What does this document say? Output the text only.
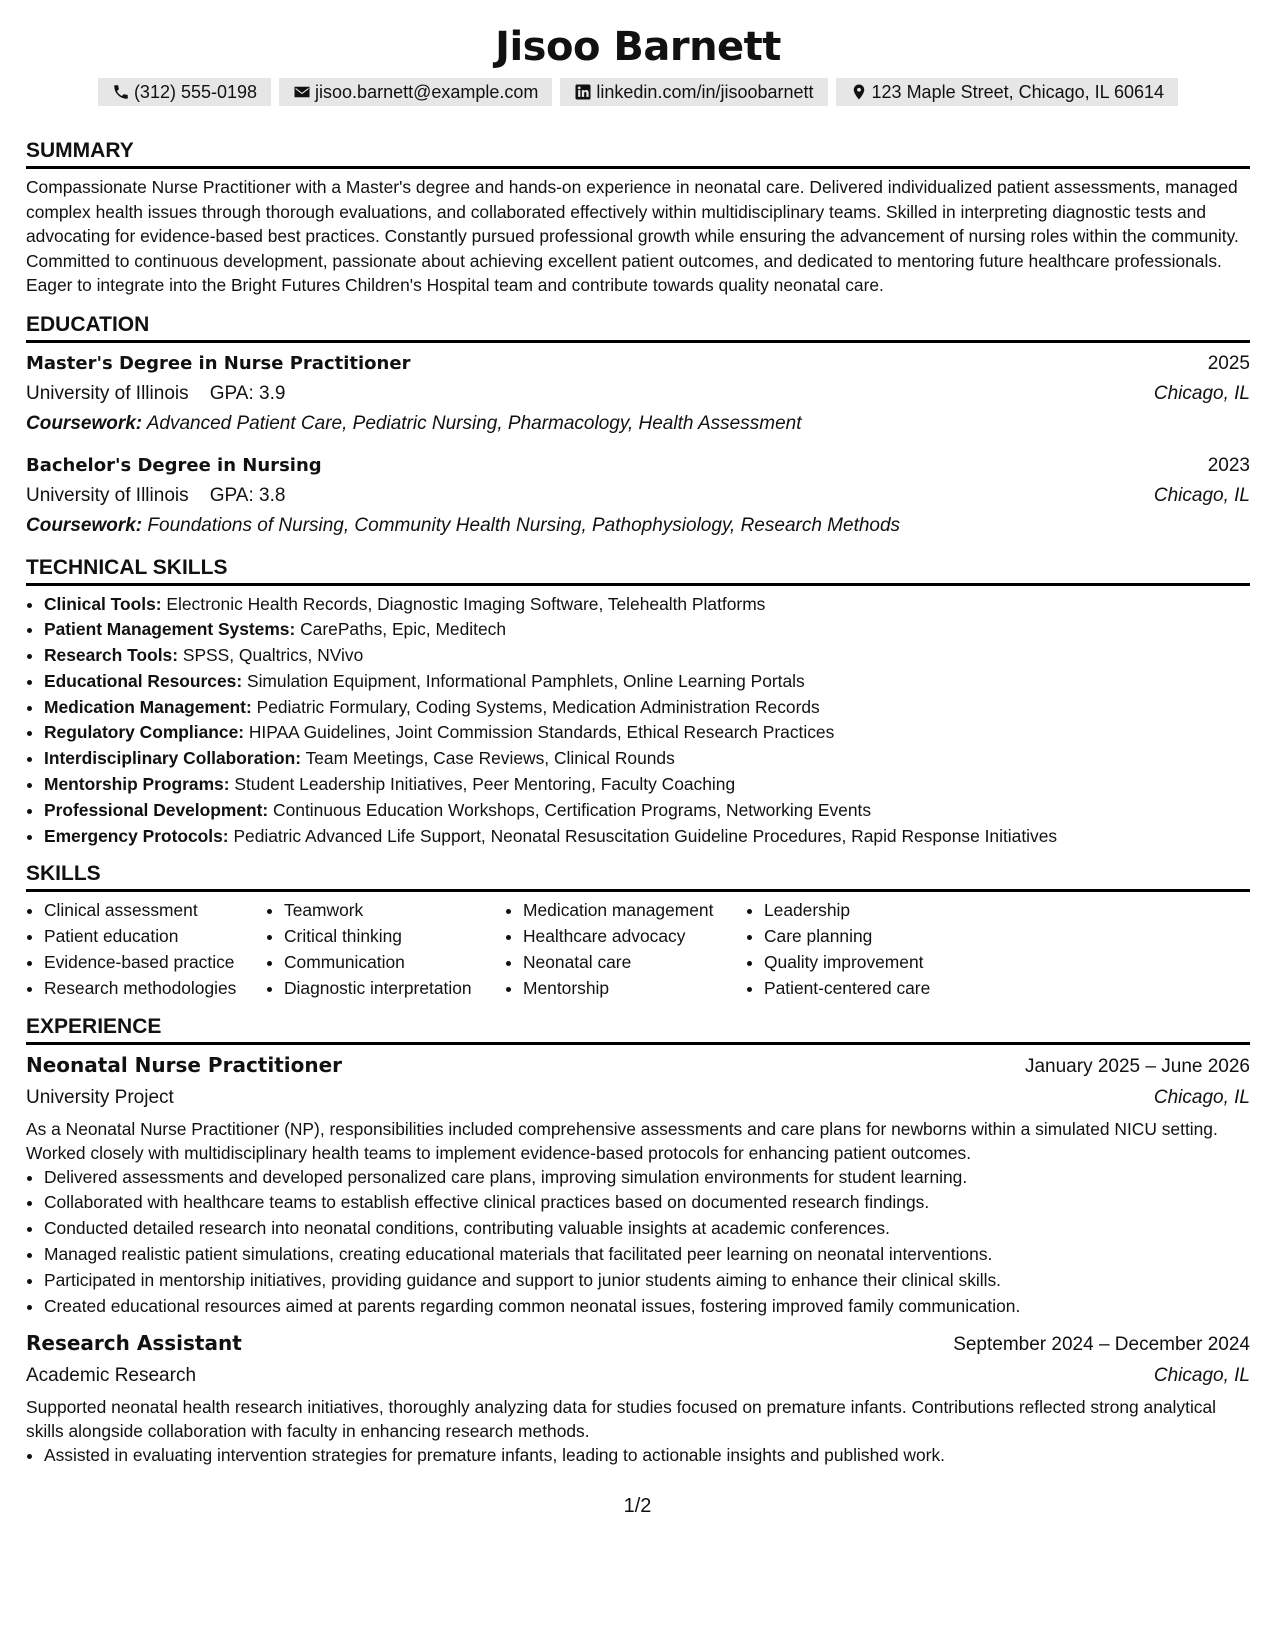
Jisoo Barnett
(312) 555-0198	jisoo.barnett@example.com	linkedin.com/in/jisoobarnett	123 Maple Street, Chicago, IL 60614
SUMMARY

Compassionate Nurse Practitioner with a Master's degree and hands-on experience in neonatal care. Delivered individualized patient assessments, managed complex health issues through thorough evaluations, and collaborated effectively within multidisciplinary teams. Skilled in interpreting diagnostic tests and advocating for evidence-based best practices. Constantly pursued professional growth while ensuring the advancement of nursing roles within the community. Committed to continuous development, passionate about achieving excellent patient outcomes, and dedicated to mentoring future healthcare professionals. Eager to integrate into the Bright Futures Children's Hospital team and contribute towards quality neonatal care.

EDUCATION
Master's Degree in Nurse Practitioner	2025
University of Illinois GPA: 3.9	Chicago, IL
Coursework: Advanced Patient Care, Pediatric Nursing, Pharmacology, Health Assessment
Bachelor's Degree in Nursing	2023
University of Illinois GPA: 3.8	Chicago, IL
Coursework: Foundations of Nursing, Community Health Nursing, Pathophysiology, Research Methods
TECHNICAL SKILLS
• Clinical Tools: Electronic Health Records, Diagnostic Imaging Software, Telehealth Platforms
• Patient Management Systems: CarePaths, Epic, Meditech
• Research Tools: SPSS, Qualtrics, NVivo
• Educational Resources: Simulation Equipment, Informational Pamphlets, Online Learning Portals
• Medication Management: Pediatric Formulary, Coding Systems, Medication Administration Records
• Regulatory Compliance: HIPAA Guidelines, Joint Commission Standards, Ethical Research Practices
• Interdisciplinary Collaboration: Team Meetings, Case Reviews, Clinical Rounds
• Mentorship Programs: Student Leadership Initiatives, Peer Mentoring, Faculty Coaching
• Professional Development: Continuous Education Workshops, Certification Programs, Networking Events
• Emergency Protocols: Pediatric Advanced Life Support, Neonatal Resuscitation Guideline Procedures, Rapid Response Initiatives
SKILLS
• Clinical assessment
• Patient education
• Evidence-based practice
• Research methodologies
• Teamwork
• Critical thinking
• Communication
• Diagnostic interpretation
• Medication management
• Healthcare advocacy
• Neonatal care
• Mentorship
• Leadership
• Care planning
• Quality improvement
• Patient-centered care
EXPERIENCE
Neonatal Nurse Practitioner	January 2025 – June 2026
University Project	Chicago, IL

As a Neonatal Nurse Practitioner (NP), responsibilities included comprehensive assessments and care plans for newborns within a simulated NICU setting. Worked closely with multidisciplinary health teams to implement evidence-based protocols for enhancing patient outcomes.

• Delivered assessments and developed personalized care plans, improving simulation environments for student learning.
• Collaborated with healthcare teams to establish effective clinical practices based on documented research findings.
• Conducted detailed research into neonatal conditions, contributing valuable insights at academic conferences.
• Managed realistic patient simulations, creating educational materials that facilitated peer learning on neonatal interventions.
• Participated in mentorship initiatives, providing guidance and support to junior students aiming to enhance their clinical skills.
• Created educational resources aimed at parents regarding common neonatal issues, fostering improved family communication.
Research Assistant	September 2024 – December 2024
Academic Research	Chicago, IL

Supported neonatal health research initiatives, thoroughly analyzing data for studies focused on premature infants. Contributions reflected strong analytical skills alongside collaboration with faculty in enhancing research methods.

• Assisted in evaluating intervention strategies for premature infants, leading to actionable insights and published work.
1/2
